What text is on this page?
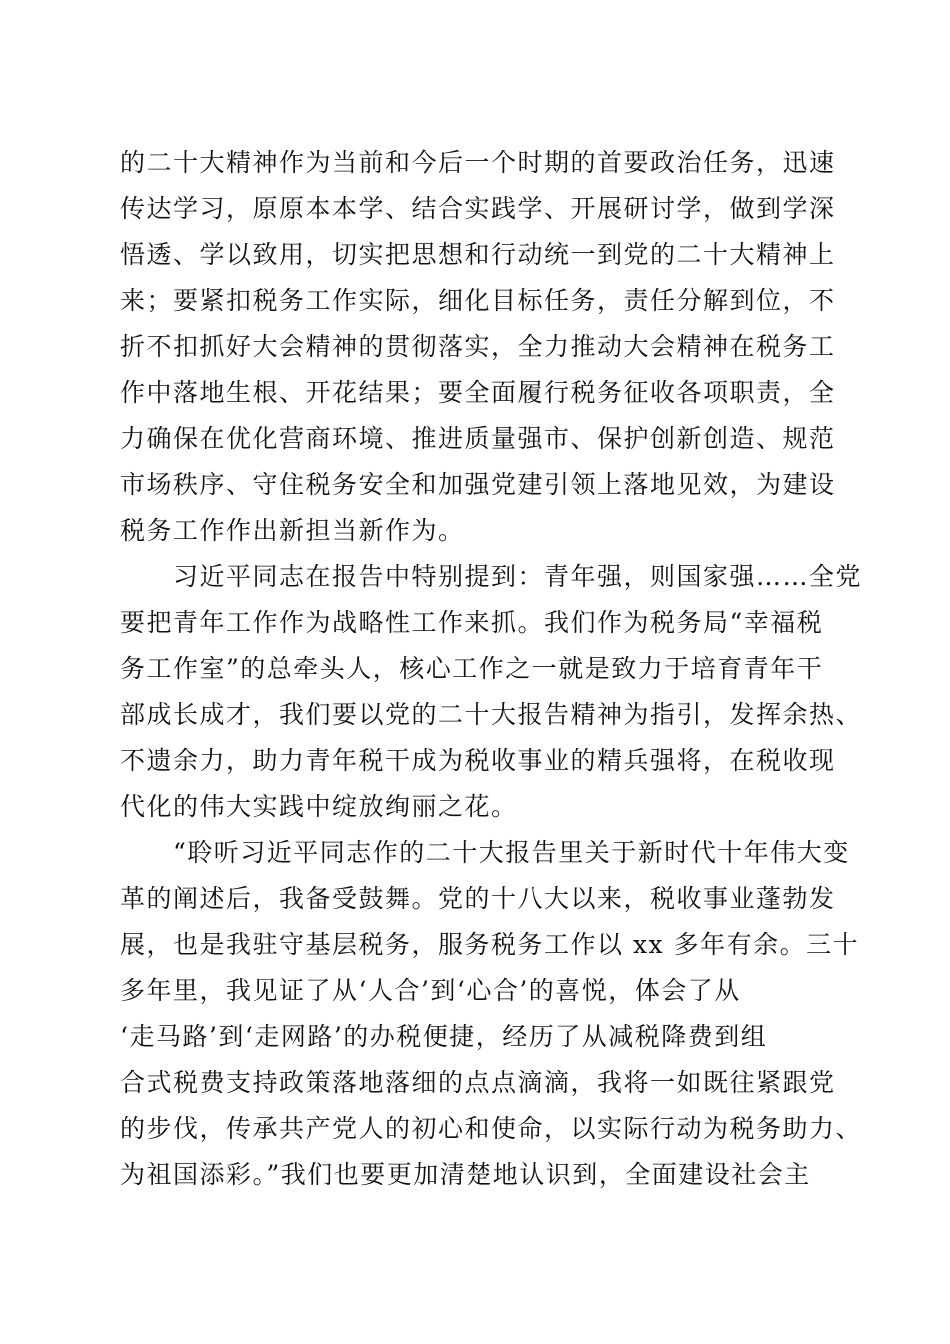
的二十大精神作为当前和今后一个时期的首要政治任务，迅速

传达学习，原原本本学、结合实践学、开展研讨学，做到学深

悟透、学以致用，切实把思想和行动统一到党的二十大精神上

来；要紧扣税务工作实际，细化目标任务，责任分解到位，不

折不扣抓好大会精神的贯彻落实，全力推动大会精神在税务工

作中落地生根、开花结果；要全面履行税务征收各项职责，全

力确保在优化营商环境、推进质量强市、保护创新创造、规范

市场秩序、守住税务安全和加强党建引领上落地见效，为建设

税务工作作出新担当新作为。

　　习近平同志在报告中特别提到：青年强，则国家强……全党

要把青年工作作为战略性工作来抓。我们作为税务局“幸福税

务工作室”的总牵头人，核心工作之一就是致力于培育青年干

部成长成才，我们要以党的二十大报告精神为指引，发挥余热、

不遗余力，助力青年税干成为税收事业的精兵强将，在税收现

代化的伟大实践中绽放绚丽之花。

　　“聆听习近平同志作的二十大报告里关于新时代十年伟大变

革的阐述后，我备受鼓舞。党的十八大以来，税收事业蓬勃发

展，也是我驻守基层税务，服务税务工作以 xx 多年有余。三十

多年里，我见证了从‘人合’到‘心合’的喜悦，体会了从

‘走马路’到‘走网路’的办税便捷，经历了从减税降费到组

合式税费支持政策落地落细的点点滴滴，我将一如既往紧跟党

的步伐，传承共产党人的初心和使命，以实际行动为税务助力、

为祖国添彩。”我们也要更加清楚地认识到，全面建设社会主
